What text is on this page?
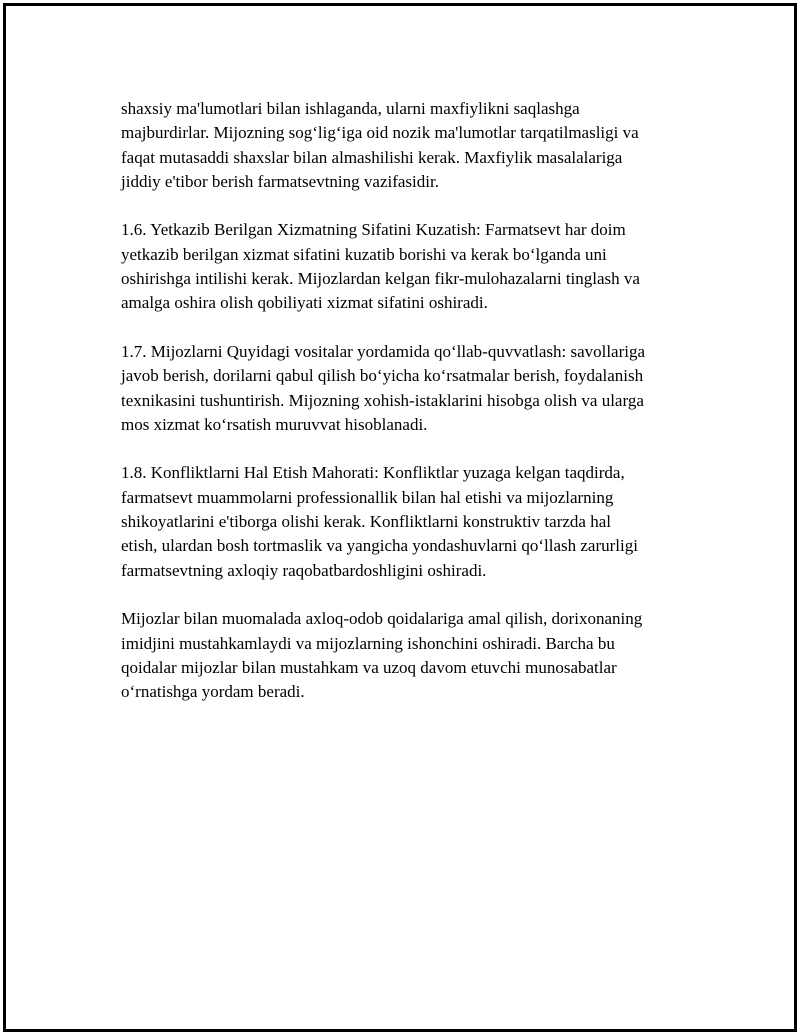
shaxsiy ma'lumotlari bilan ishlaganda, ularni maxfiylikni saqlashga
majburdirlar. Mijozning sog‘lig‘iga oid nozik ma'lumotlar tarqatilmasligi va
faqat mutasaddi shaxslar bilan almashilishi kerak. Maxfiylik masalalariga
jiddiy e'tibor berish farmatsevtning vazifasidir.

1.6. Yetkazib Berilgan Xizmatning Sifatini Kuzatish: Farmatsevt har doim
yetkazib berilgan xizmat sifatini kuzatib borishi va kerak bo‘lganda uni
oshirishga intilishi kerak. Mijozlardan kelgan fikr-mulohazalarni tinglash va
amalga oshira olish qobiliyati xizmat sifatini oshiradi.

1.7. Mijozlarni Quyidagi vositalar yordamida qo‘llab-quvvatlash: savollariga
javob berish, dorilarni qabul qilish bo‘yicha ko‘rsatmalar berish, foydalanish
texnikasini tushuntirish. Mijozning xohish-istaklarini hisobga olish va ularga
mos xizmat ko‘rsatish muruvvat hisoblanadi.

1.8. Konfliktlarni Hal Etish Mahorati: Konfliktlar yuzaga kelgan taqdirda,
farmatsevt muammolarni professionallik bilan hal etishi va mijozlarning
shikoyatlarini e'tiborga olishi kerak. Konfliktlarni konstruktiv tarzda hal
etish, ulardan bosh tortmaslik va yangicha yondashuvlarni qo‘llash zarurligi
farmatsevtning axloqiy raqobatbardoshligini oshiradi.

Mijozlar bilan muomalada axloq-odob qoidalariga amal qilish, dorixonaning
imidjini mustahkamlaydi va mijozlarning ishonchini oshiradi. Barcha bu
qoidalar mijozlar bilan mustahkam va uzoq davom etuvchi munosabatlar
o‘rnatishga yordam beradi.
